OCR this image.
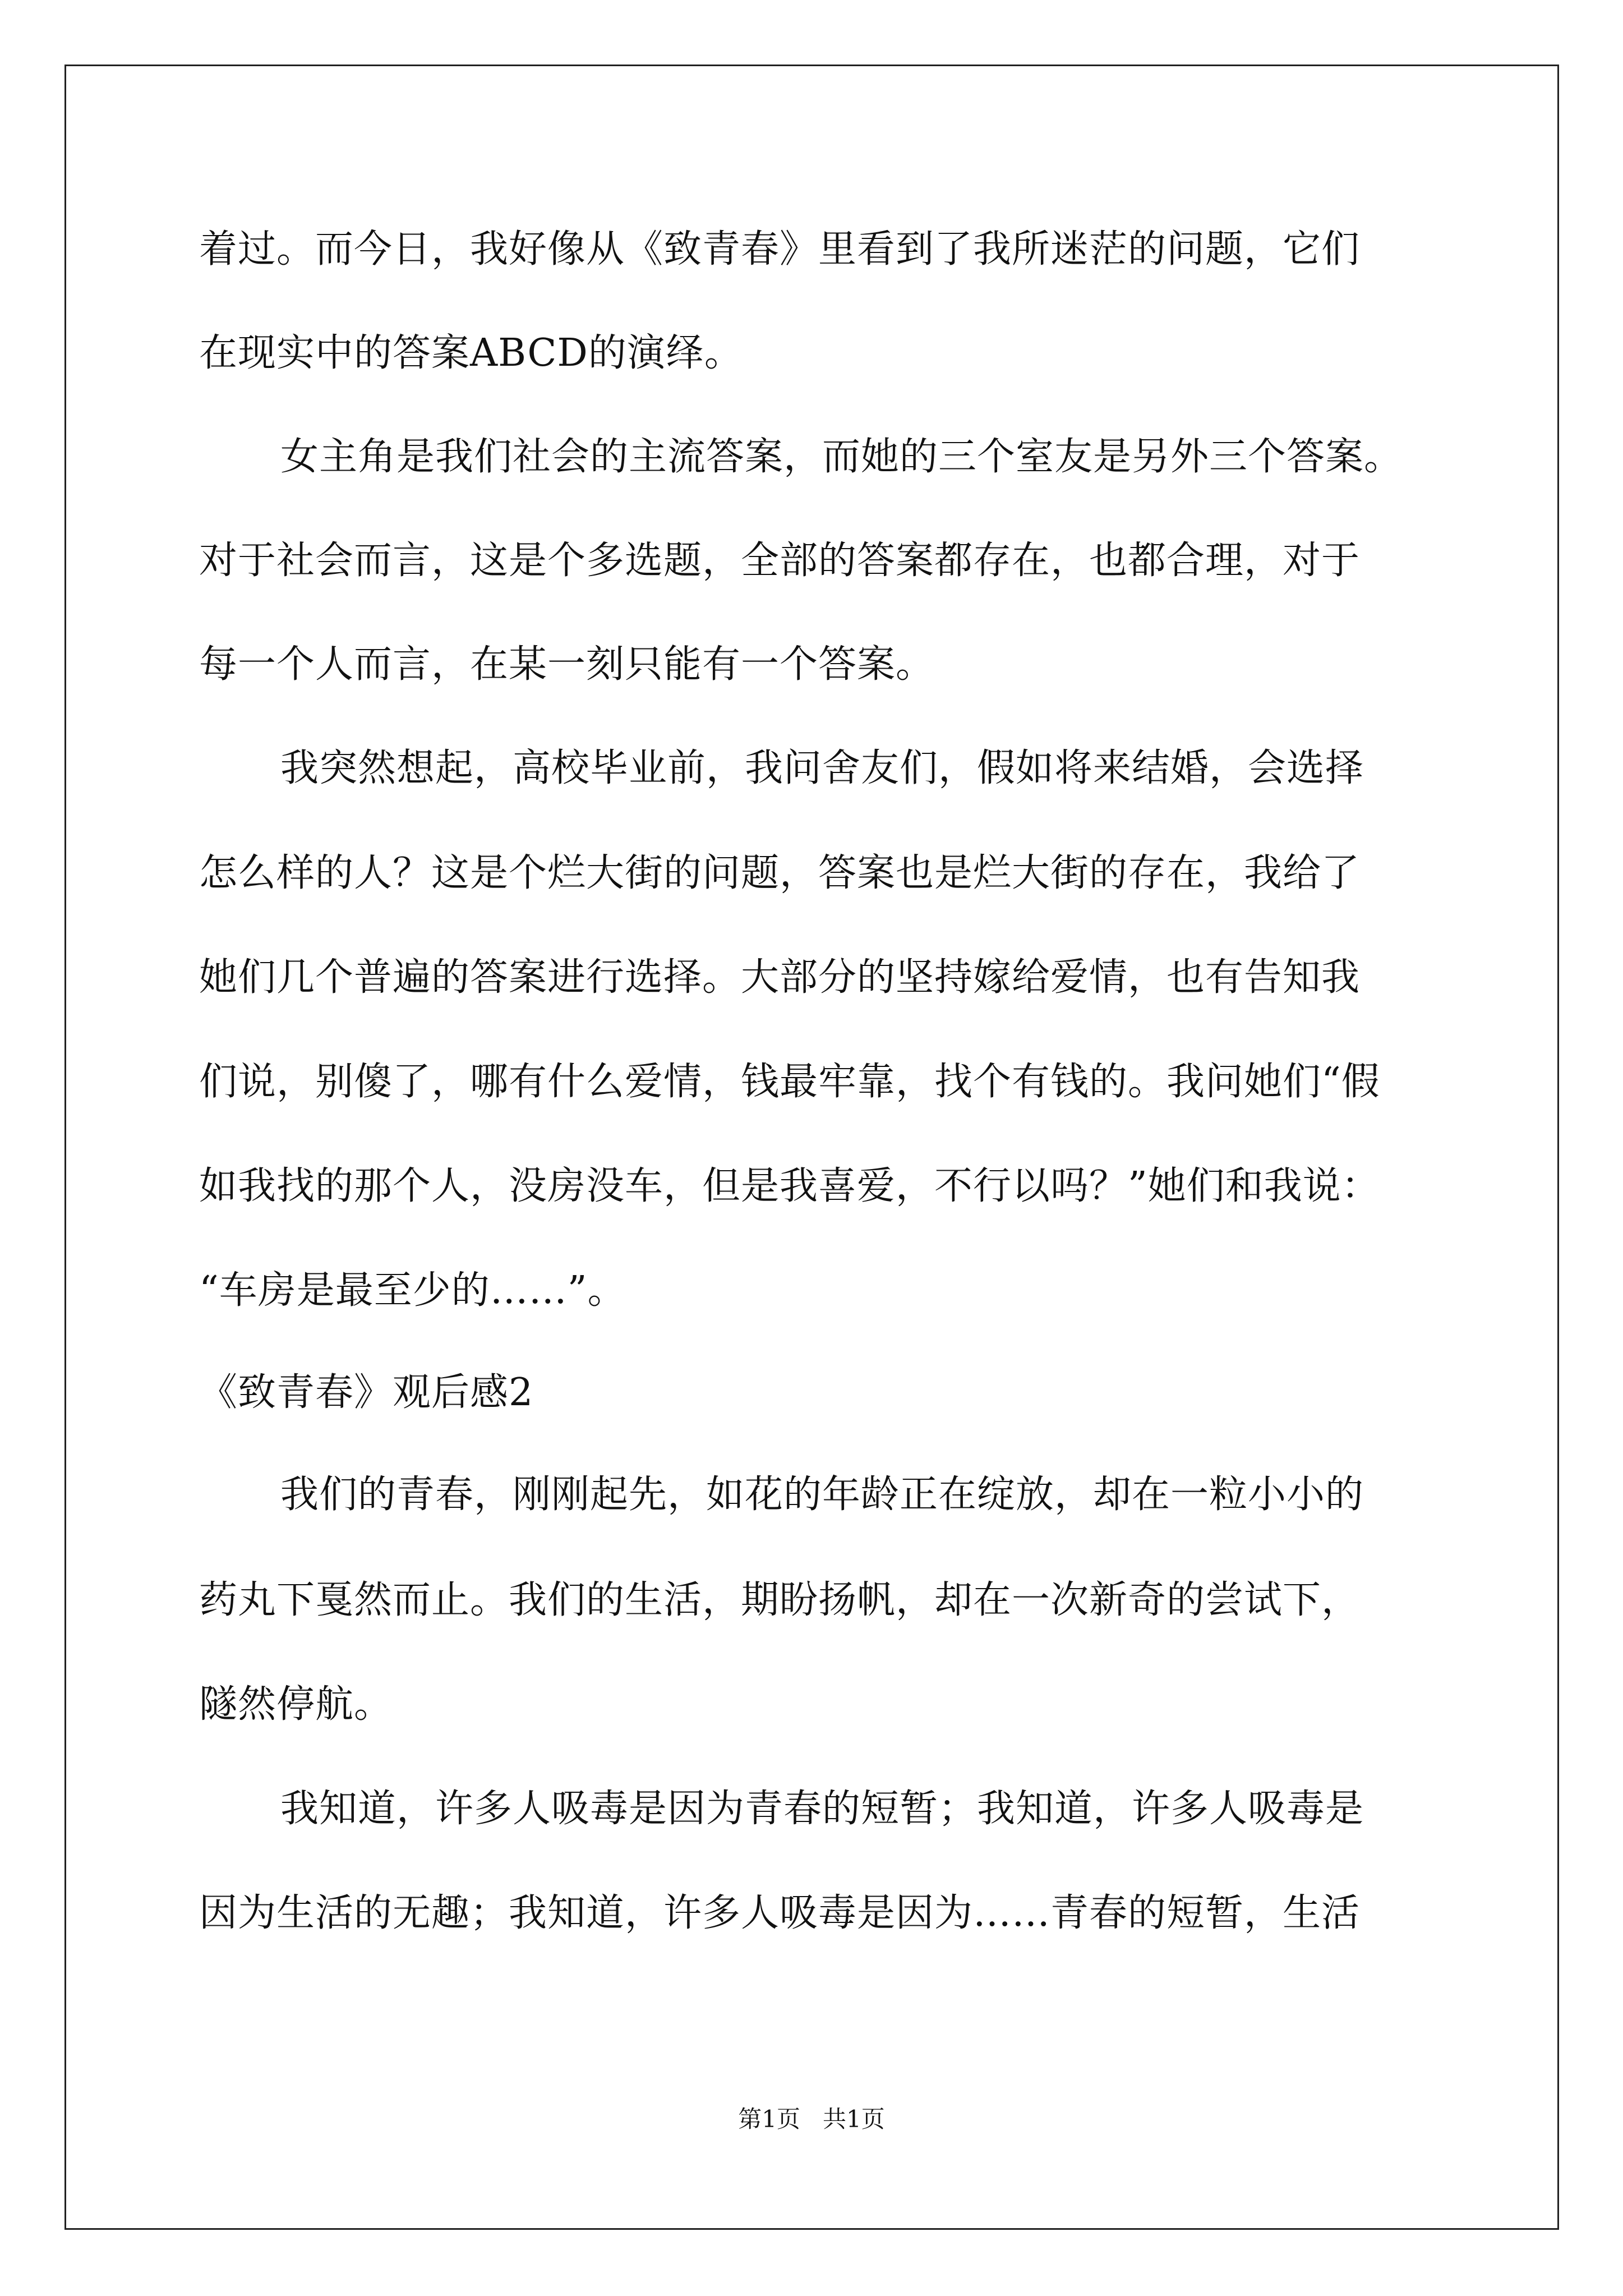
着过。而今日，我好像从《致青春》里看到了我所迷茫的问题，它们
在现实中的答案ABCD的演绎。
女主角是我们社会的主流答案，而她的三个室友是另外三个答案。
对于社会而言，这是个多选题，全部的答案都存在，也都合理，对于
每一个人而言，在某一刻只能有一个答案。
我突然想起，高校毕业前，我问舍友们，假如将来结婚，会选择
怎么样的人？这是个烂大街的问题，答案也是烂大街的存在，我给了
她们几个普遍的答案进行选择。大部分的坚持嫁给爱情，也有告知我
们说，别傻了，哪有什么爱情，钱最牢靠，找个有钱的。我问她们“假
如我找的那个人，没房没车，但是我喜爱，不行以吗？”她们和我说：
“车房是最至少的……”。
《致青春》观后感2
我们的青春，刚刚起先，如花的年龄正在绽放，却在一粒小小的
药丸下戛然而止。我们的生活，期盼扬帆，却在一次新奇的尝试下，
隧然停航。
我知道，许多人吸毒是因为青春的短暂；我知道，许多人吸毒是
因为生活的无趣；我知道，许多人吸毒是因为……青春的短暂，生活
第1页   共1页
